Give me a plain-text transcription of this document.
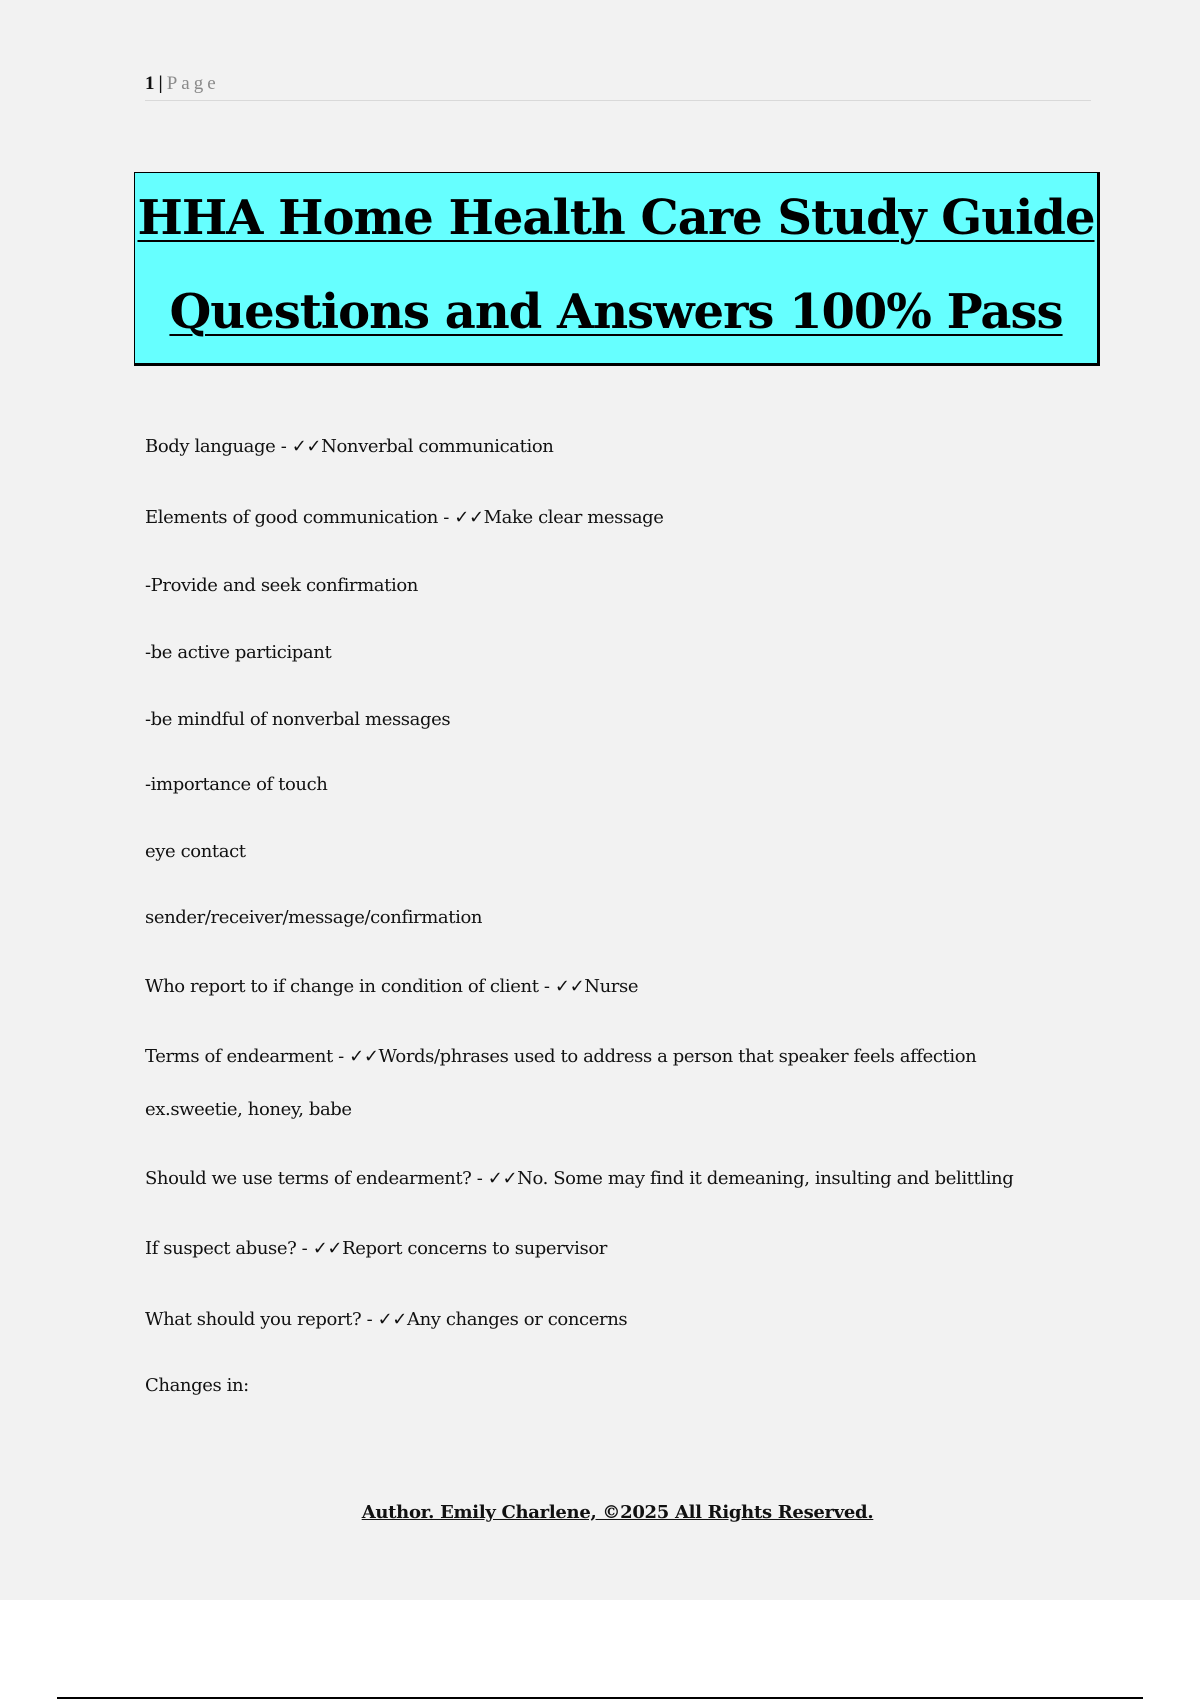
1 | Page
HHA Home Health Care Study Guide
Questions and Answers 100% Pass
Body language - ✓✓Nonverbal communication
Elements of good communication - ✓✓Make clear message
-Provide and seek confirmation
-be active participant
-be mindful of nonverbal messages
-importance of touch
eye contact
sender/receiver/message/confirmation
Who report to if change in condition of client - ✓✓Nurse
Terms of endearment - ✓✓Words/phrases used to address a person that speaker feels affection
ex.sweetie, honey, babe
Should we use terms of endearment? - ✓✓No. Some may find it demeaning, insulting and belittling
If suspect abuse? - ✓✓Report concerns to supervisor
What should you report? - ✓✓Any changes or concerns
Changes in:
Author. Emily Charlene, ©2025 All Rights Reserved.
